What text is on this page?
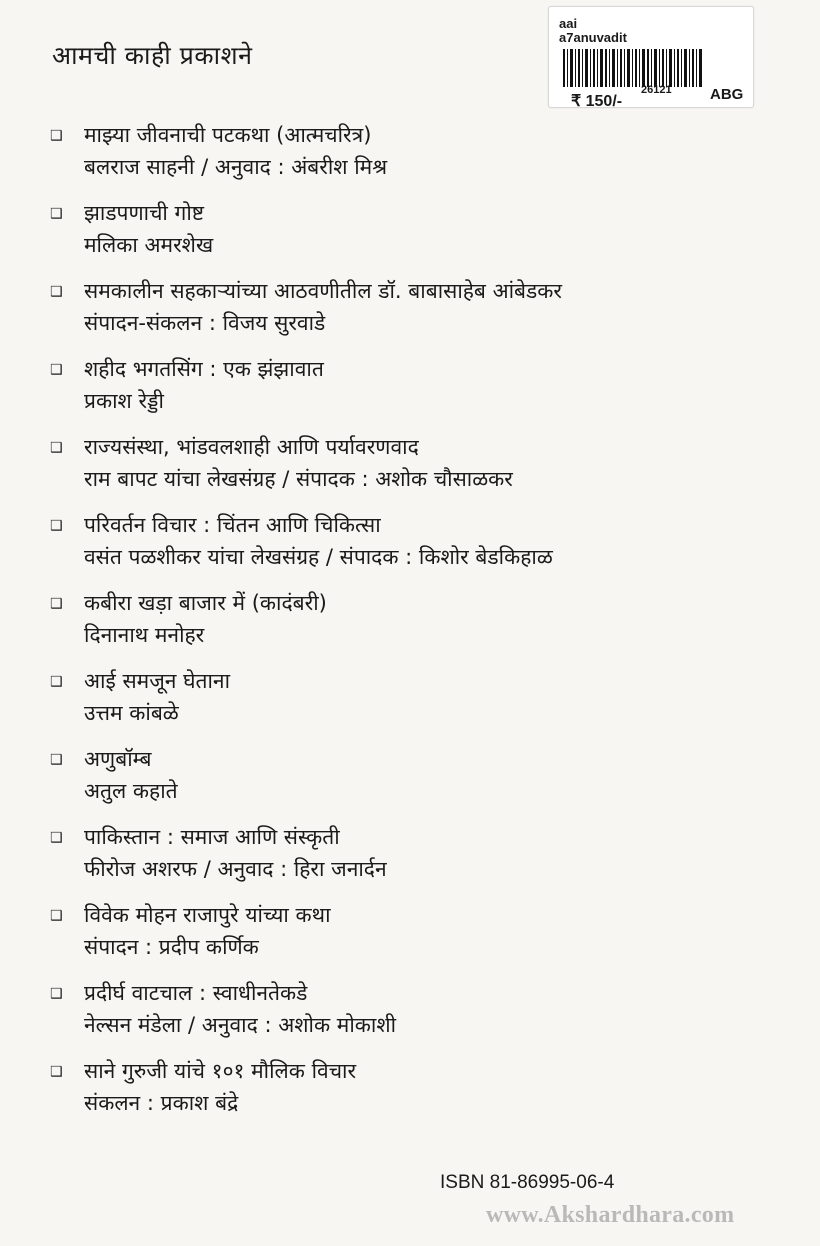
आमची काही प्रकाशने
aai
a7anuvadit
₹ 150/-
26121	ABG
❑ माझ्या जीवनाची पटकथा (आत्मचरित्र)
बलराज साहनी / अनुवाद : अंबरीश मिश्र
❑ झाडपणाची गोष्ट
मलिका अमरशेख
❑ समकालीन सहकाऱ्यांच्या आठवणीतील डॉ. बाबासाहेब आंबेडकर
संपादन-संकलन : विजय सुरवाडे
❑ शहीद भगतसिंग : एक झंझावात
प्रकाश रेड्डी
❑ राज्यसंस्था, भांडवलशाही आणि पर्यावरणवाद
राम बापट यांचा लेखसंग्रह / संपादक : अशोक चौसाळकर
❑ परिवर्तन विचार : चिंतन आणि चिकित्सा
वसंत पळशीकर यांचा लेखसंग्रह / संपादक : किशोर बेडकिहाळ
❑ कबीरा खड़ा बाजार में (कादंबरी)
दिनानाथ मनोहर
❑ आई समजून घेताना
उत्तम कांबळे
❑ अणुबॉम्ब
अतुल कहाते
❑ पाकिस्तान : समाज आणि संस्कृती
फीरोज अशरफ / अनुवाद : हिरा जनार्दन
❑ विवेक मोहन राजापुरे यांच्या कथा
संपादन : प्रदीप कर्णिक
❑ प्रदीर्घ वाटचाल : स्वाधीनतेकडे
नेल्सन मंडेला / अनुवाद : अशोक मोकाशी
❑ साने गुरुजी यांचे १०१ मौलिक विचार
संकलन : प्रकाश बंद्रे
ISBN 81-86995-06-4
www.Akshardhara.com
